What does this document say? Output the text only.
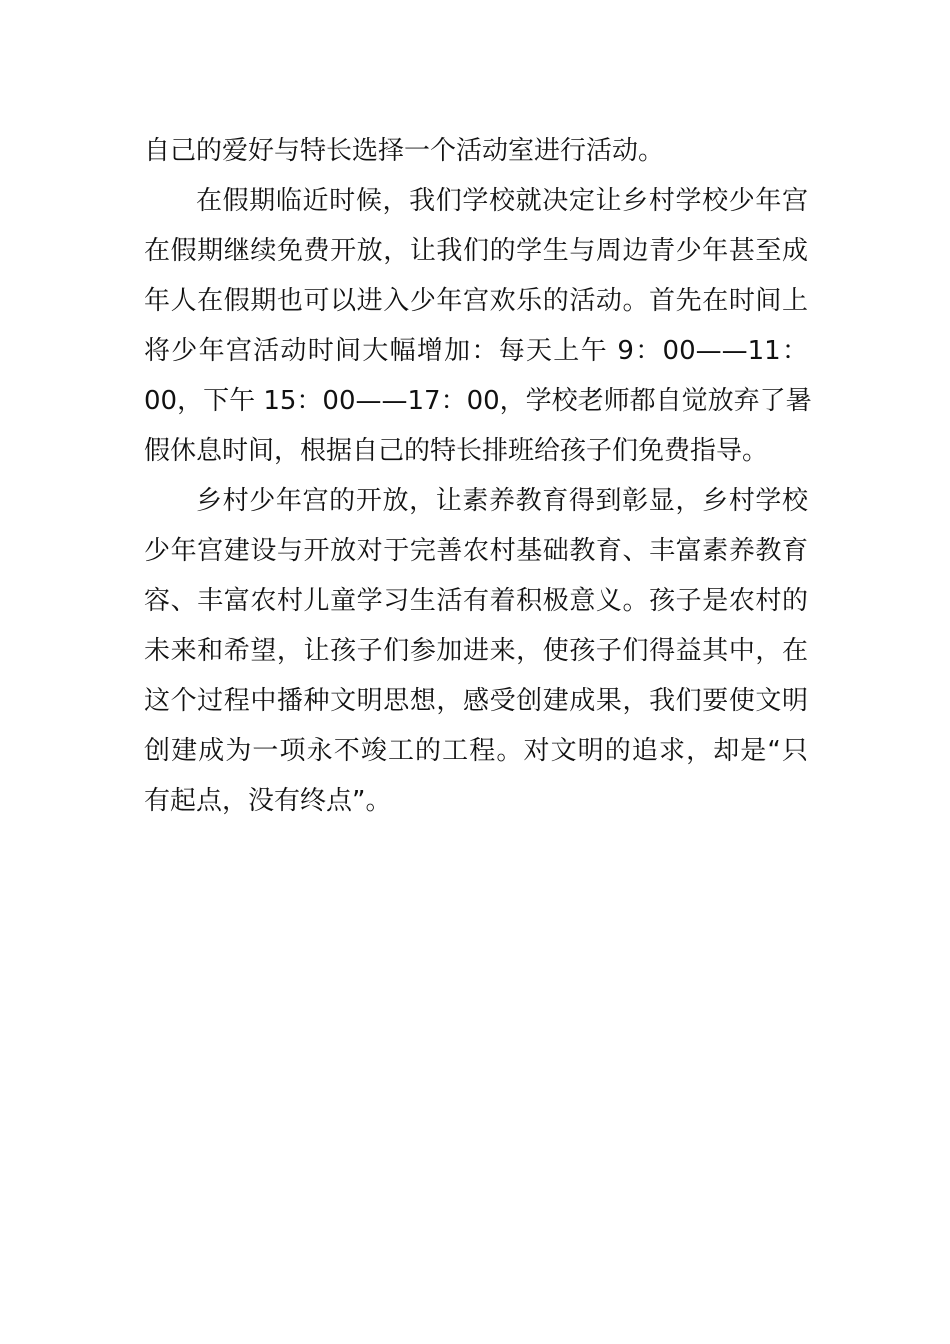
自己的爱好与特长选择一个活动室进行活动。
在假期临近时候，我们学校就决定让乡村学校少年宫
在假期继续免费开放，让我们的学生与周边青少年甚至成
年人在假期也可以进入少年宫欢乐的活动。首先在时间上
将少年宫活动时间大幅增加：每天上午 9：00——11：
00，下午 15：00——17：00，学校老师都自觉放弃了暑
假休息时间，根据自己的特长排班给孩子们免费指导。
乡村少年宫的开放，让素养教育得到彰显，乡村学校
少年宫建设与开放对于完善农村基础教育、丰富素养教育
容、丰富农村儿童学习生活有着积极意义。孩子是农村的
未来和希望，让孩子们参加进来，使孩子们得益其中，在
这个过程中播种文明思想，感受创建成果，我们要使文明
创建成为一项永不竣工的工程。对文明的追求，却是“只
有起点，没有终点”。
